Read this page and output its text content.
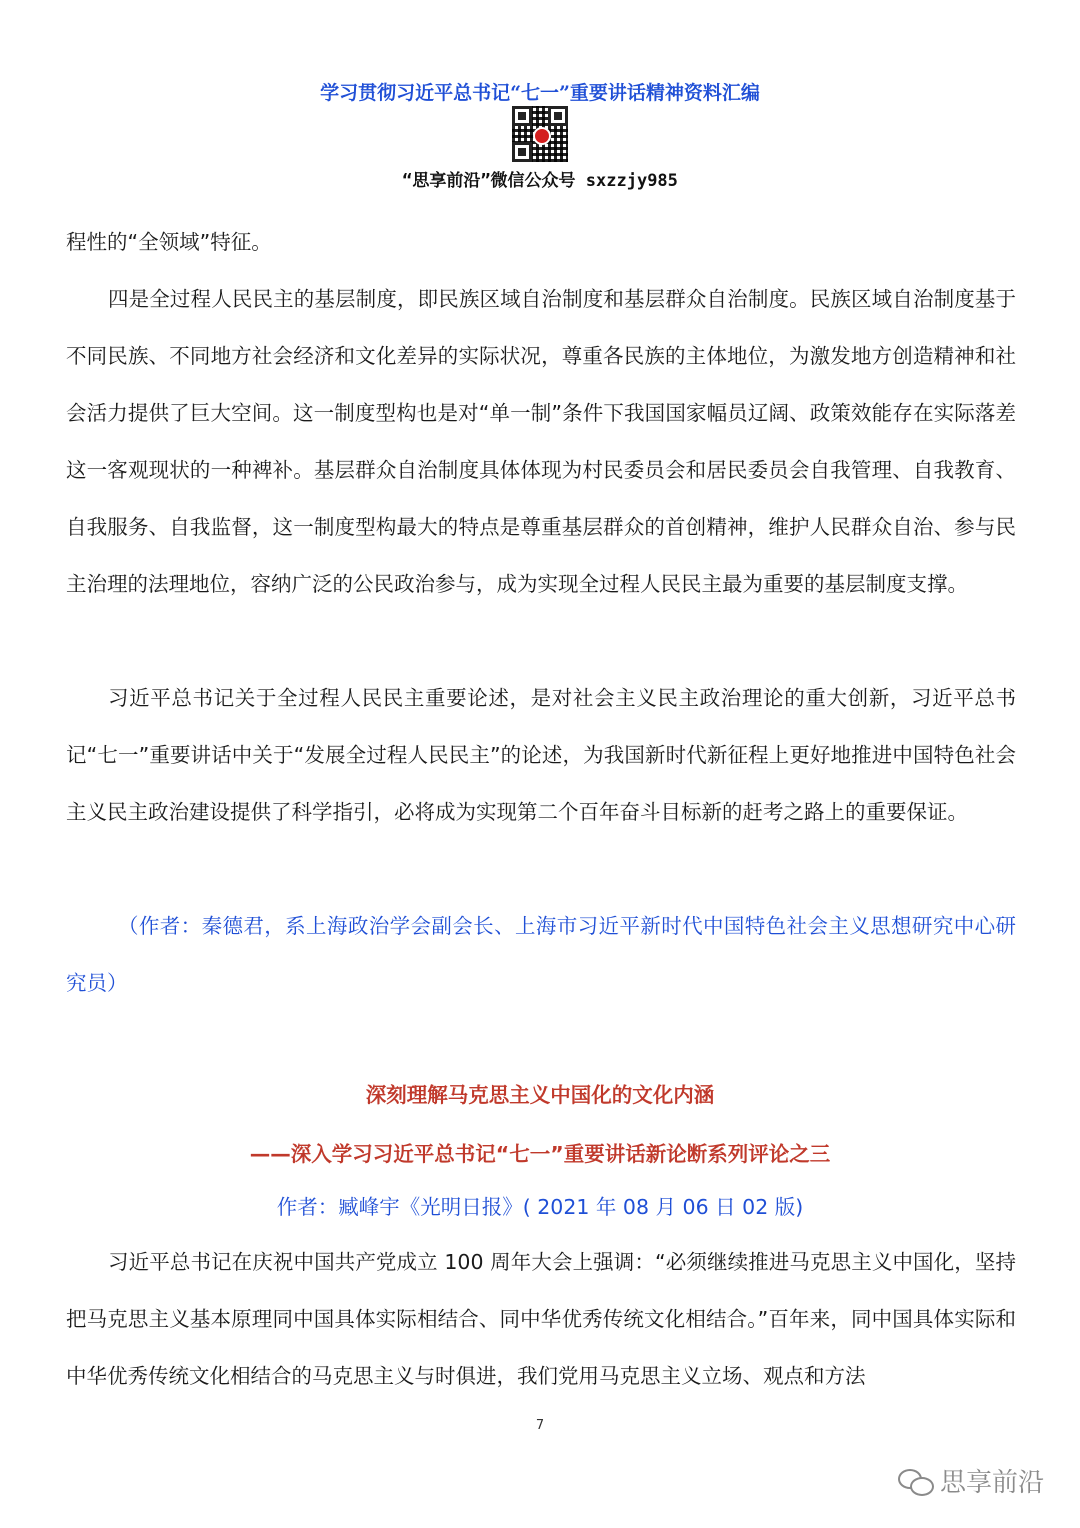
学习贯彻习近平总书记“七一”重要讲话精神资料汇编
“思享前沿”微信公众号 sxzzjy985

程性的“全领域”特征。

四是全过程人民民主的基层制度，即民族区域自治制度和基层群众自治制度。民族区域自治制度基于不同民族、不同地方社会经济和文化差异的实际状况，尊重各民族的主体地位，为激发地方创造精神和社会活力提供了巨大空间。这一制度型构也是对“单一制”条件下我国国家幅员辽阔、政策效能存在实际落差这一客观现状的一种裨补。基层群众自治制度具体体现为村民委员会和居民委员会自我管理、自我教育、自我服务、自我监督，这一制度型构最大的特点是尊重基层群众的首创精神，维护人民群众自治、参与民主治理的法理地位，容纳广泛的公民政治参与，成为实现全过程人民民主最为重要的基层制度支撑。

习近平总书记关于全过程人民民主重要论述，是对社会主义民主政治理论的重大创新，习近平总书记“七一”重要讲话中关于“发展全过程人民民主”的论述，为我国新时代新征程上更好地推进中国特色社会主义民主政治建设提供了科学指引，必将成为实现第二个百年奋斗目标新的赶考之路上的重要保证。

（作者：秦德君，系上海政治学会副会长、上海市习近平新时代中国特色社会主义思想研究中心研究员）

深刻理解马克思主义中国化的文化内涵
——深入学习习近平总书记“七一”重要讲话新论断系列评论之三
作者：臧峰宇《光明日报》( 2021 年 08 月 06 日 02 版)

习近平总书记在庆祝中国共产党成立 100 周年大会上强调：“必须继续推进马克思主义中国化，坚持把马克思主义基本原理同中国具体实际相结合、同中华优秀传统文化相结合。”百年来，同中国具体实际和中华优秀传统文化相结合的马克思主义与时俱进，我们党用马克思主义立场、观点和方法

7
思享前沿
